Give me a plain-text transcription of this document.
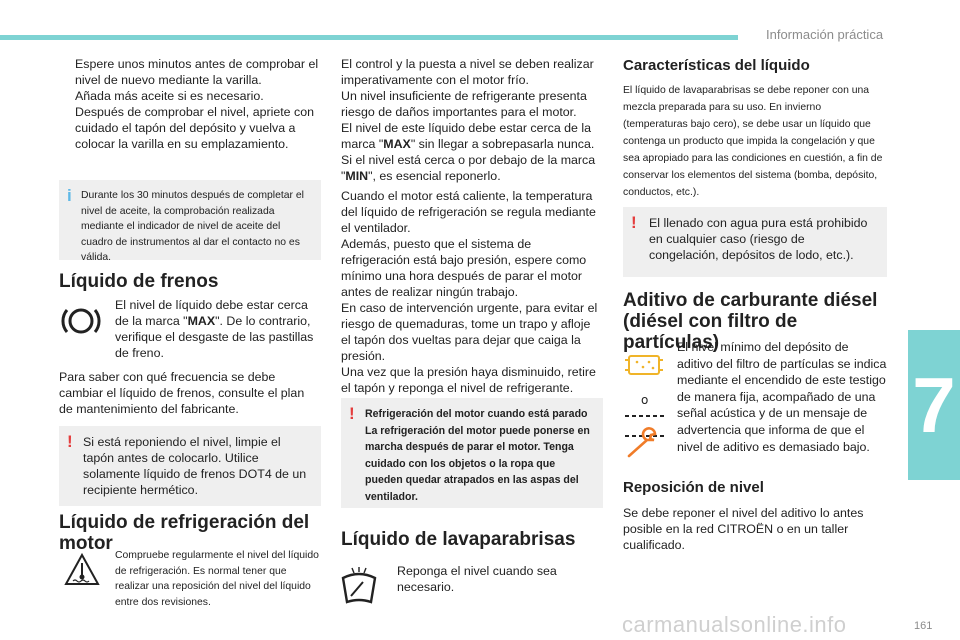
Información práctica
7
161
carmanualsonline.info
Espere unos minutos antes de comprobar el nivel de nuevo mediante la varilla.
Añada más aceite si es necesario.
Después de comprobar el nivel, apriete con cuidado el tapón del depósito y vuelva a colocar la varilla en su emplazamiento.
i Durante los 30 minutos después de completar el nivel de aceite, la comprobación realizada mediante el indicador de nivel de aceite del cuadro de instrumentos al dar el contacto no es válida.
Líquido de frenos
El nivel de líquido debe estar cerca de la marca "MAX". De lo contrario, verifique el desgaste de las pastillas de freno.
Para saber con qué frecuencia se debe cambiar el líquido de frenos, consulte el plan de mantenimiento del fabricante.
! Si está reponiendo el nivel, limpie el tapón antes de colocarlo. Utilice solamente líquido de frenos DOT4 de un recipiente hermético.
Líquido de refrigeración del motor
Compruebe regularmente el nivel del líquido de refrigeración. Es normal tener que realizar una reposición del nivel del líquido entre dos revisiones.
El control y la puesta a nivel se deben realizar imperativamente con el motor frío.
Un nivel insuficiente de refrigerante presenta riesgo de daños importantes para el motor.
El nivel de este líquido debe estar cerca de la marca "MAX" sin llegar a sobrepasarla nunca. Si el nivel está cerca o por debajo de la marca "MIN", es esencial reponerlo.
Cuando el motor está caliente, la temperatura del líquido de refrigeración se regula mediante el ventilador.
Además, puesto que el sistema de refrigeración está bajo presión, espere como mínimo una hora después de parar el motor antes de realizar ningún trabajo.
En caso de intervención urgente, para evitar el riesgo de quemaduras, tome un trapo y afloje el tapón dos vueltas para dejar que caiga la presión.
Una vez que la presión haya disminuido, retire el tapón y reponga el nivel de refrigerante.
! Refrigeración del motor cuando está parado La refrigeración del motor puede ponerse en marcha después de parar el motor. Tenga cuidado con los objetos o la ropa que pueden quedar atrapados en las aspas del ventilador.
Líquido de lavaparabrisas
Reponga el nivel cuando sea necesario.
Características del líquido
El líquido de lavaparabrisas se debe reponer con una mezcla preparada para su uso. En invierno (temperaturas bajo cero), se debe usar un líquido que contenga un producto que impida la congelación y que sea apropiado para las condiciones en cuestión, a fin de conservar los elementos del sistema (bomba, depósito, conductos, etc.).
! El llenado con agua pura está prohibido en cualquier caso (riesgo de congelación, depósitos de lodo, etc.).
Aditivo de carburante diésel (diésel con filtro de partículas)
o
El nivel mínimo del depósito de aditivo del filtro de partículas se indica mediante el encendido de este testigo de manera fija, acompañado de una señal acústica y de un mensaje de advertencia que informa de que el nivel de aditivo es demasiado bajo.
Reposición de nivel
Se debe reponer el nivel del aditivo lo antes posible en la red CITROËN o en un taller cualificado.
